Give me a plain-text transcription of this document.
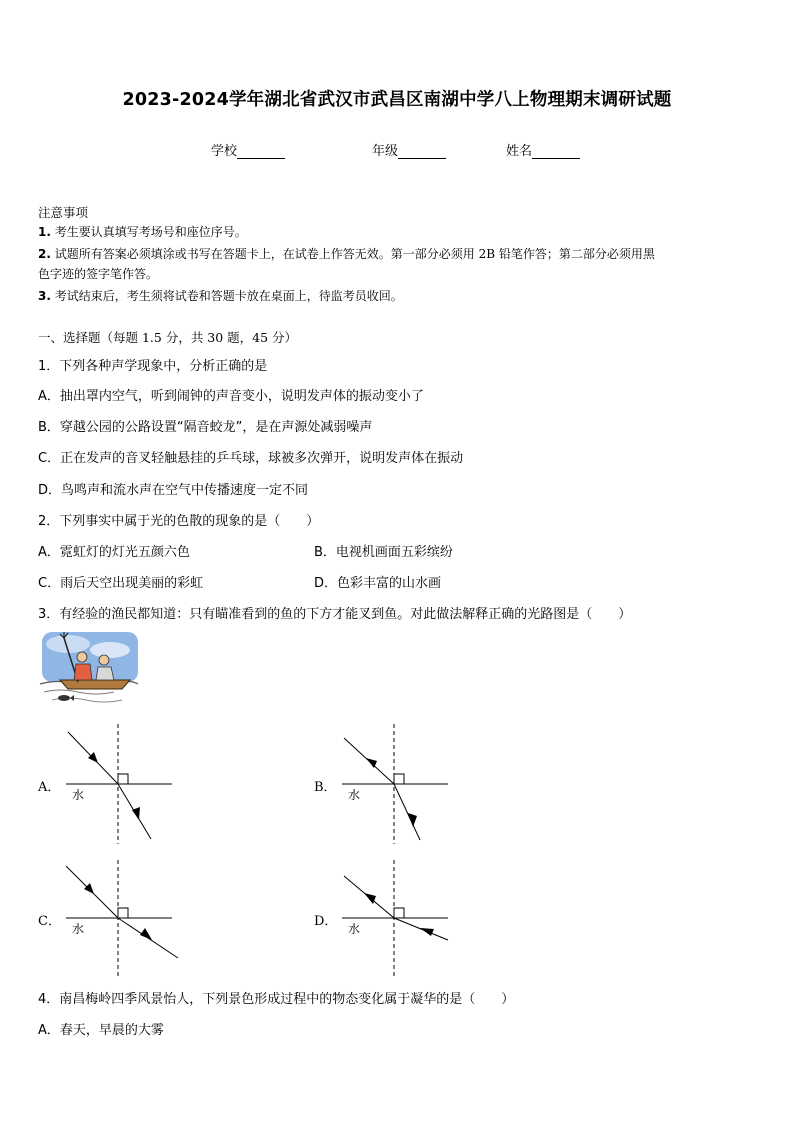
2023-2024学年湖北省武汉市武昌区南湖中学八上物理期末调研试题
学校	年级	姓名
注意事项
1. 考生要认真填写考场号和座位序号。
2. 试题所有答案必须填涂或书写在答题卡上，在试卷上作答无效。第一部分必须用 2B 铅笔作答；第二部分必须用黑
色字迹的签字笔作答。
3. 考试结束后，考生须将试卷和答题卡放在桌面上，待监考员收回。
一、选择题（每题 1.5 分，共 30 题，45 分）
1．下列各种声学现象中，分析正确的是
A．抽出罩内空气，听到闹钟的声音变小，说明发声体的振动变小了
B．穿越公园的公路设置“隔音蛟龙”，是在声源处减弱噪声
C．正在发声的音叉轻触悬挂的乒乓球，球被多次弹开，说明发声体在振动
D．鸟鸣声和流水声在空气中传播速度一定不同
2．下列事实中属于光的色散的现象的是（　　）
A．霓虹灯的灯光五颜六色	B．电视机画面五彩缤纷
C．雨后天空出现美丽的彩虹	D．色彩丰富的山水画
3．有经验的渔民都知道：只有瞄准看到的鱼的下方才能叉到鱼。对此做法解释正确的光路图是（　　）
A． 水	B． 水
C． 水	D． 水
4．南昌梅岭四季风景怡人，下列景色形成过程中的物态变化属于凝华的是（　　）
A．春天，早晨的大雾
